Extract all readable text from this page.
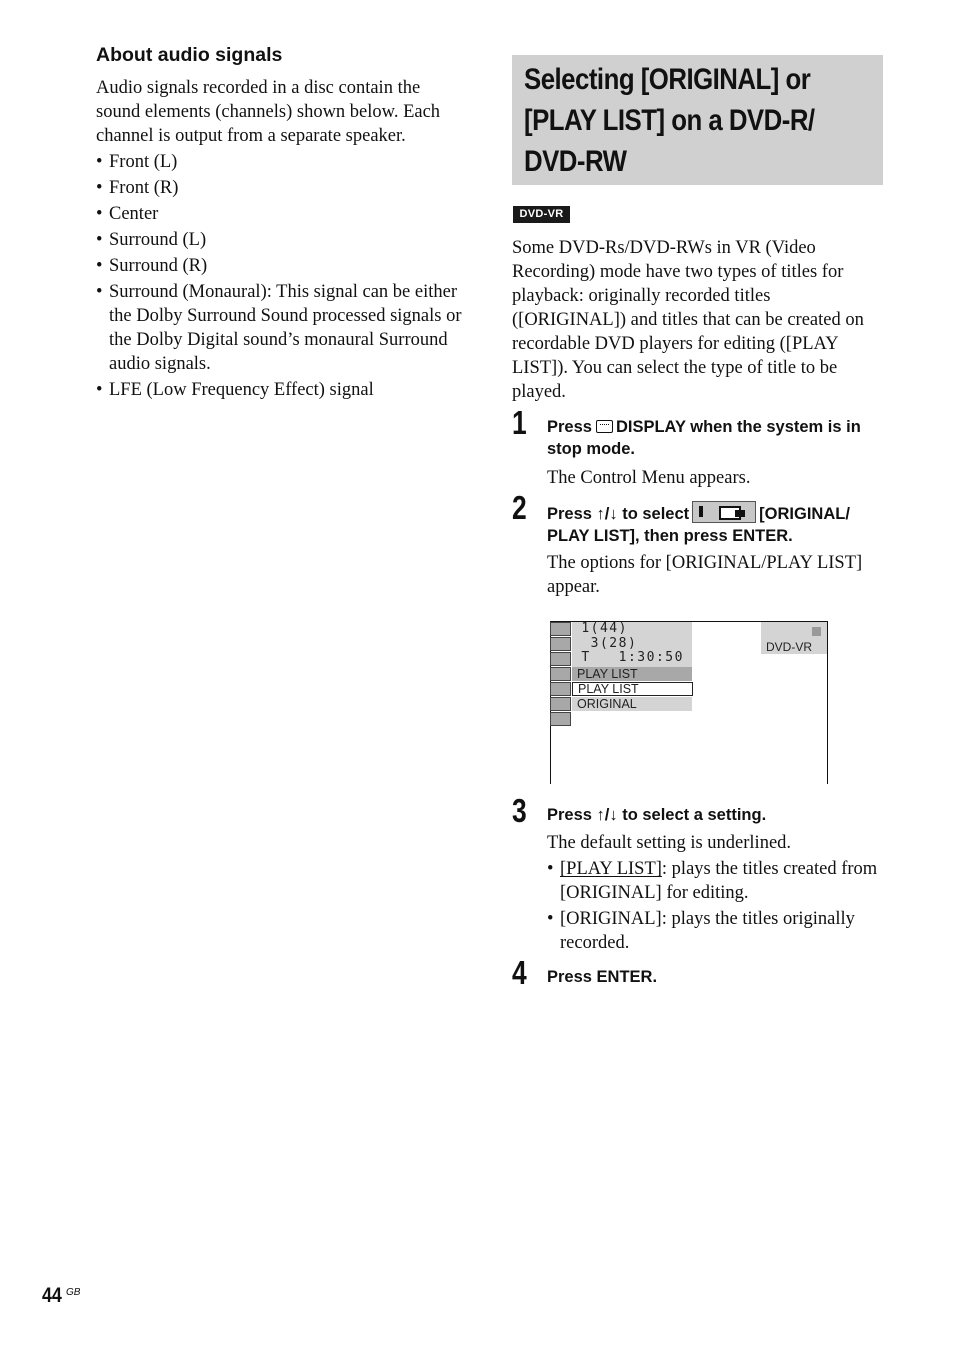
About audio signals
Audio signals recorded in a disc contain the sound elements (channels) shown below. Each channel is output from a separate speaker.
• Front (L)
• Front (R)
• Center
• Surround (L)
• Surround (R)
• Surround (Monaural): This signal can be either the Dolby Surround Sound processed signals or the Dolby Digital sound’s monaural Surround audio signals.
• LFE (Low Frequency Effect) signal
Selecting [ORIGINAL] or [PLAY LIST] on a DVD-R/ DVD-RW
DVD-VR
Some DVD-Rs/DVD-RWs in VR (Video Recording) mode have two types of titles for playback: originally recorded titles ([ORIGINAL]) and titles that can be created on recordable DVD players for editing ([PLAY LIST]). You can select the type of title to be played.
1 Press DISPLAY when the system is in stop mode.
The Control Menu appears.
2 Press ↑/↓ to select	[ORIGINAL/ PLAY LIST], then press ENTER.
The options for [ORIGINAL/PLAY LIST] appear.
1(44)
3(28)
T   1:30:50
PLAY LIST
PLAY LIST
ORIGINAL
DVD-VR
3 Press ↑/↓ to select a setting.
The default setting is underlined.
• [PLAY LIST]: plays the titles created from [ORIGINAL] for editing.
• [ORIGINAL]: plays the titles originally recorded.
4 Press ENTER.
44 GB
